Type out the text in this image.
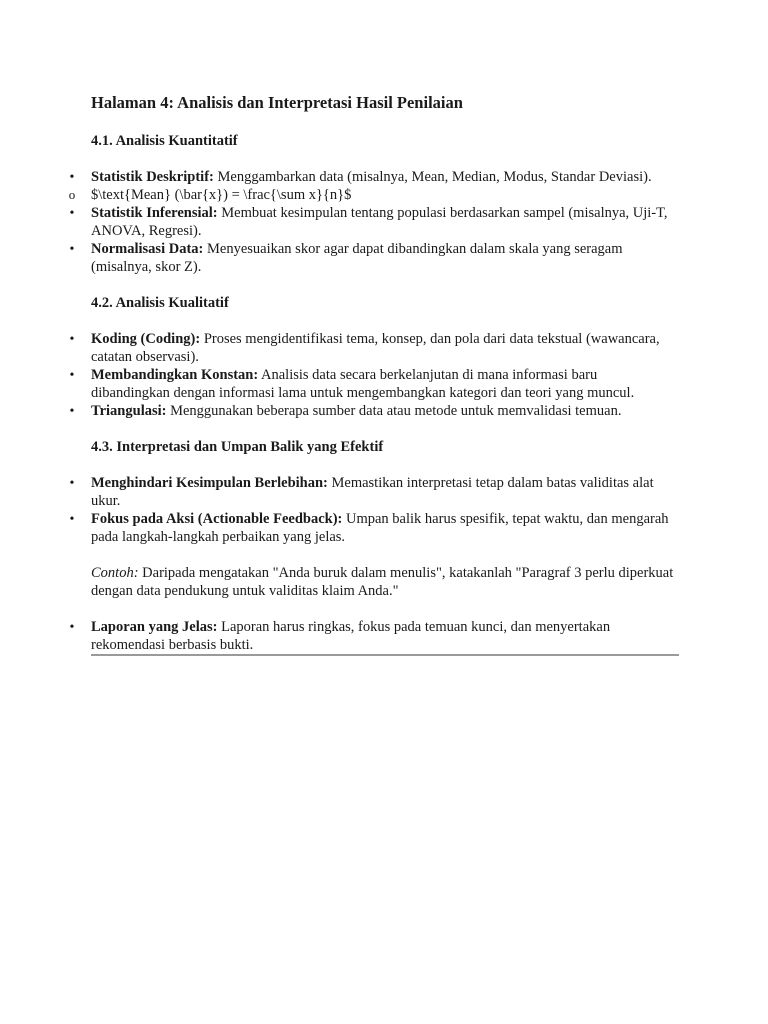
Halaman 4: Analisis dan Interpretasi Hasil Penilaian
4.1. Analisis Kuantitatif
•
Statistik Deskriptif: Menggambarkan data (misalnya, Mean, Median, Modus, Standar Deviasi).
o $\text{Mean} (\bar{x}) = \frac{\sum x}{n}$
•
Statistik Inferensial: Membuat kesimpulan tentang populasi berdasarkan sampel (misalnya, Uji-T, ANOVA, Regresi).
•
Normalisasi Data: Menyesuaikan skor agar dapat dibandingkan dalam skala yang seragam (misalnya, skor Z).
4.2. Analisis Kualitatif
•
Koding (Coding): Proses mengidentifikasi tema, konsep, dan pola dari data tekstual (wawancara, catatan observasi).
•
Membandingkan Konstan: Analisis data secara berkelanjutan di mana informasi baru dibandingkan dengan informasi lama untuk mengembangkan kategori dan teori yang muncul.
•
Triangulasi: Menggunakan beberapa sumber data atau metode untuk memvalidasi temuan.
4.3. Interpretasi dan Umpan Balik yang Efektif
•
Menghindari Kesimpulan Berlebihan: Memastikan interpretasi tetap dalam batas validitas alat ukur.
•
Fokus pada Aksi (Actionable Feedback): Umpan balik harus spesifik, tepat waktu, dan mengarah pada langkah-langkah perbaikan yang jelas.

Contoh: Daripada mengatakan "Anda buruk dalam menulis", katakanlah "Paragraf 3 perlu diperkuat dengan data pendukung untuk validitas klaim Anda."

•
Laporan yang Jelas: Laporan harus ringkas, fokus pada temuan kunci, dan menyertakan rekomendasi berbasis bukti.
